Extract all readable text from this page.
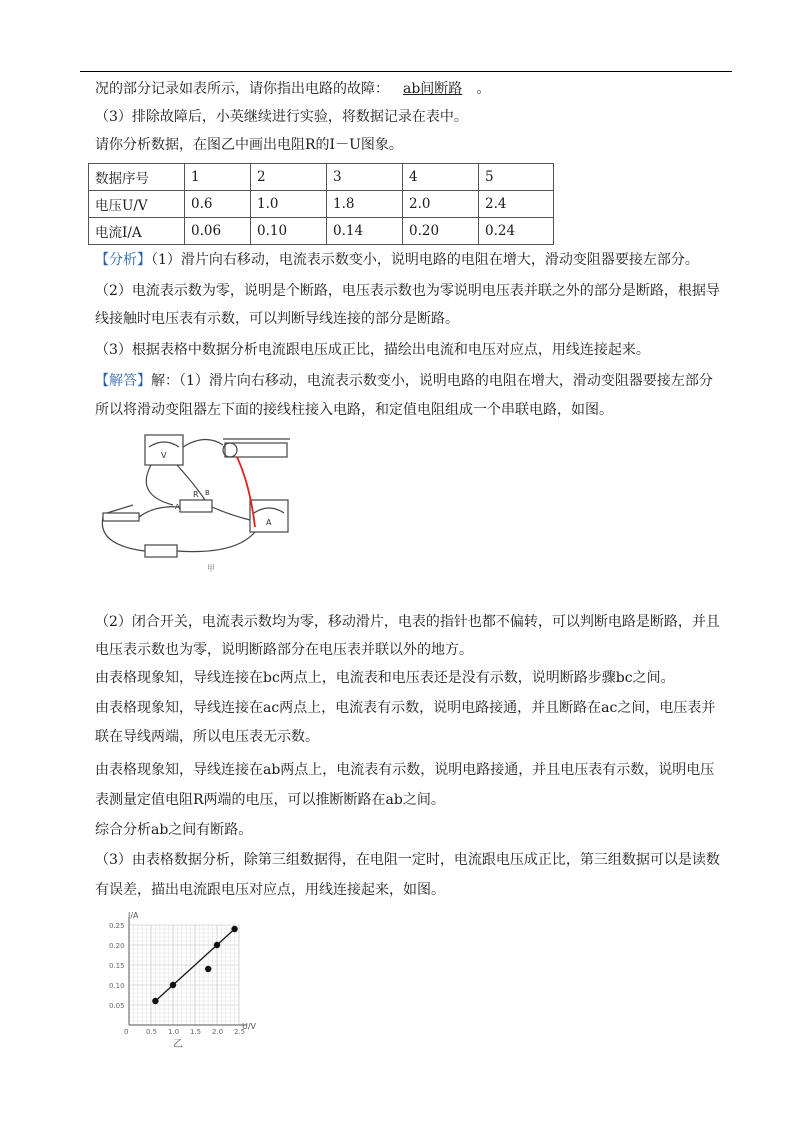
况的部分记录如表所示，请你指出电路的故障： ab间断路 。
（3）排除故障后，小英继续进行实验，将数据记录在表中。
请你分析数据，在图乙中画出电阻R的I－U图象。
数据序号	1	2	3	4	5
电压U/V	0.6	1.0	1.8	2.0	2.4
电流I/A	0.06	0.10	0.14	0.20	0.24
【分析】（1）滑片向右移动，电流表示数变小，说明电路的电阻在增大，滑动变阻器要接左部分。
（2）电流表示数为零，说明是个断路，电压表示数也为零说明电压表并联之外的部分是断路，根据导
线接触时电压表有示数，可以判断导线连接的部分是断路。
（3）根据表格中数据分析电流跟电压成正比，描绘出电流和电压对应点，用线连接起来。
【解答】解：（1）滑片向右移动，电流表示数变小，说明电路的电阻在增大，滑动变阻器要接左部分
所以将滑动变阻器左下面的接线柱接入电路，和定值电阻组成一个串联电路，如图。
V
A
R
A
B
甲
（2）闭合开关，电流表示数均为零，移动滑片，电表的指针也都不偏转，可以判断电路是断路，并且
电压表示数也为零，说明断路部分在电压表并联以外的地方。
由表格现象知，导线连接在bc两点上，电流表和电压表还是没有示数，说明断路步骤bc之间。
由表格现象知，导线连接在ac两点上，电流表有示数，说明电路接通，并且断路在ac之间，电压表并
联在导线两端，所以电压表无示数。
由表格现象知，导线连接在ab两点上，电流表有示数，说明电路接通，并且电压表有示数，说明电压
表测量定值电阻R两端的电压，可以推断断路在ab之间。
综合分析ab之间有断路。
（3）由表格数据分析，除第三组数据得，在电阻一定时，电流跟电压成正比，第三组数据可以是读数
有误差，描出电流跟电压对应点，用线连接起来，如图。
0	0.5 1.0 1.5 2.0 2.5
0.05
0.10
0.15
0.20
0.25
I/A
U/V
乙
